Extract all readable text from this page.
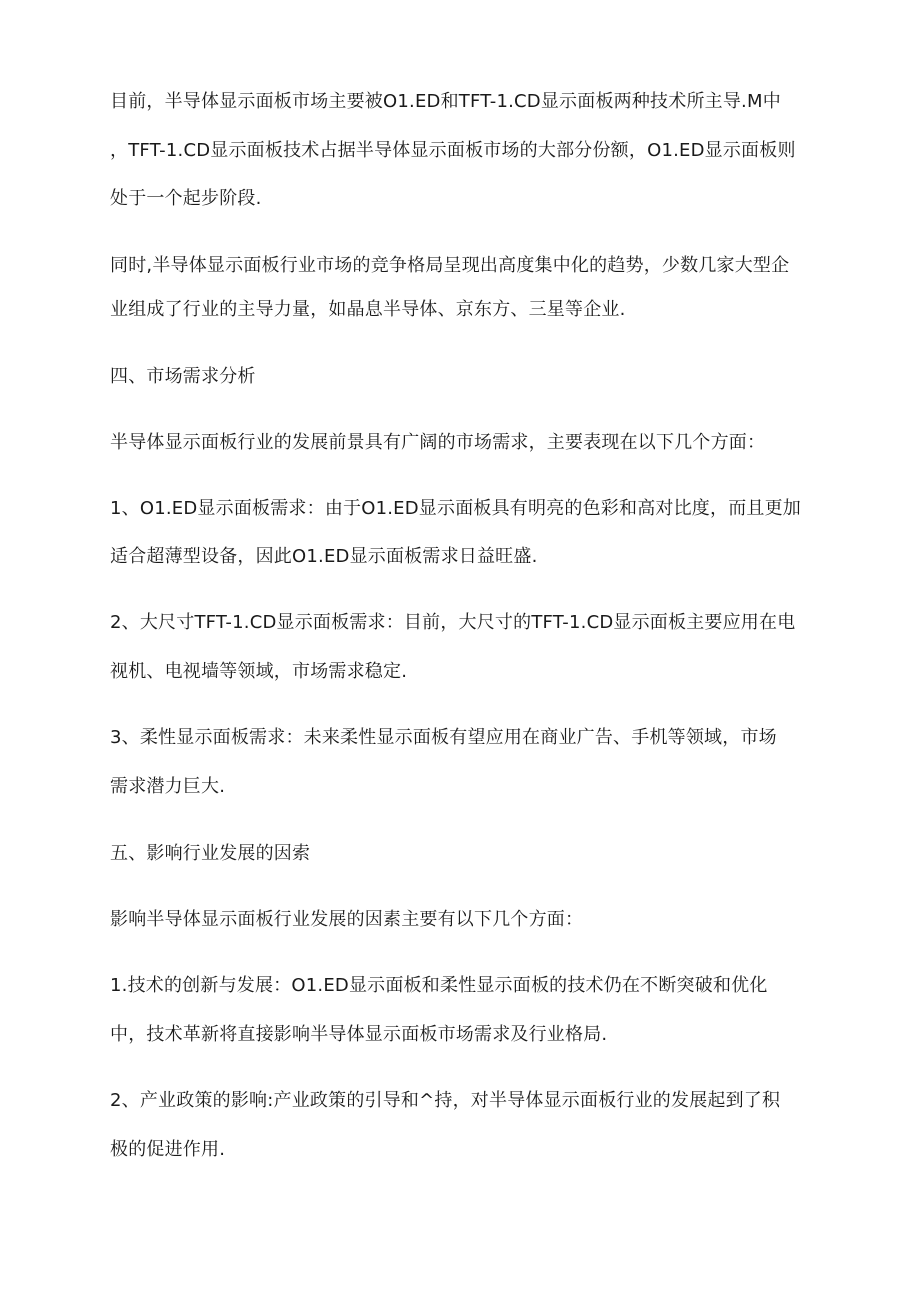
目前，半导体显示面板市场主要被O1.ED和TFT-1.CD显示面板两种技术所主导.M中
，TFT-1.CD显示面板技术占据半导体显示面板市场的大部分份额，O1.ED显示面板则
处于一个起步阶段.
同时,半导体显示面板行业市场的竞争格局呈现出高度集中化的趋势，少数几家大型企
业组成了行业的主导力量，如晶息半导体、京东方、三星等企业.
四、市场需求分析
半导体显示面板行业的发展前景具有广阔的市场需求，主要表现在以下几个方面：
1、O1.ED显示面板需求：由于O1.ED显示面板具有明亮的色彩和高对比度，而且更加
适合超薄型设备，因此O1.ED显示面板需求日益旺盛.
2、大尺寸TFT-1.CD显示面板需求：目前，大尺寸的TFT-1.CD显示面板主要应用在电
视机、电视墙等领域，市场需求稳定.
3、柔性显示面板需求：未来柔性显示面板有望应用在商业广告、手机等领域，市场
需求潜力巨大.
五、影响行业发展的因索
影响半导体显示面板行业发展的因素主要有以下几个方面：
1.技术的创新与发展：O1.ED显示面板和柔性显示面板的技术仍在不断突破和优化
中，技术革新将直接影响半导体显示面板市场需求及行业格局.
2、产业政策的影响:产业政策的引导和^持，对半导体显示面板行业的发展起到了积
极的促进作用.
